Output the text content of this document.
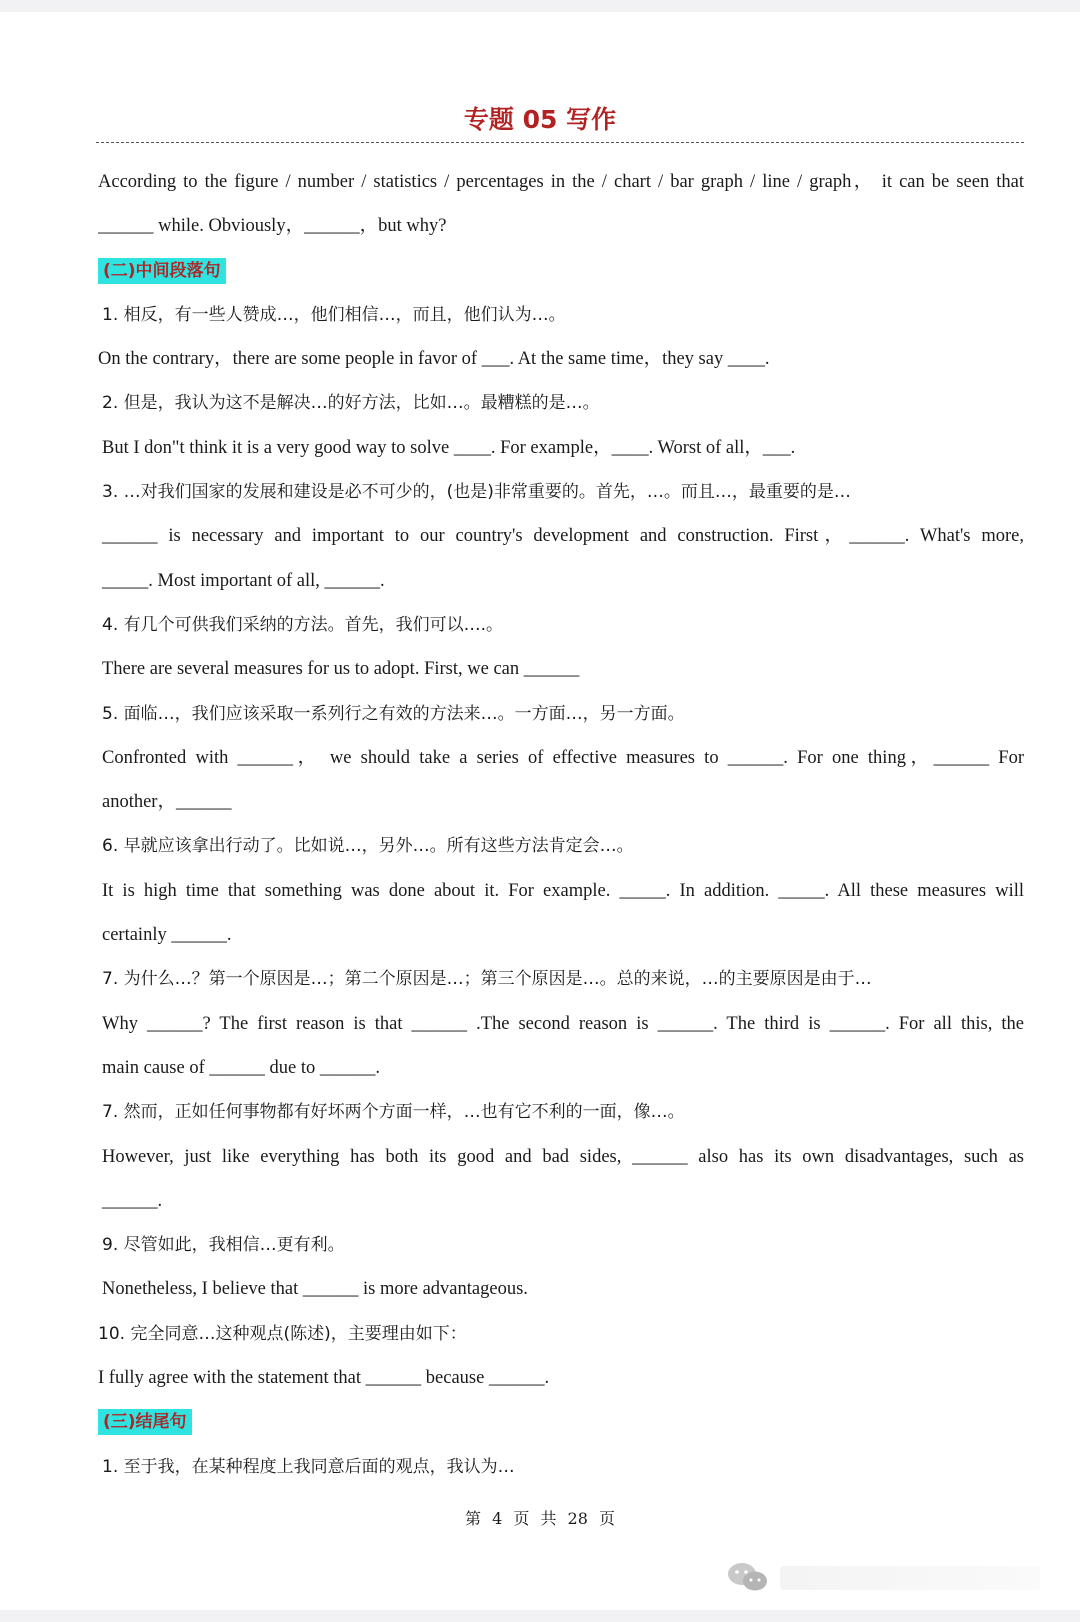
专题 05 写作
According to the figure / number / statistics / percentages in the / chart / bar graph / line / graph， it can be seen that
______ while. Obviously，______，but why?
(二)中间段落句
1. 相反，有一些人赞成…，他们相信…，而且，他们认为…。
On the contrary，there are some people in favor of ___. At the same time，they say ____.
2. 但是，我认为这不是解决…的好方法，比如…。最糟糕的是…。
But I don"t think it is a very good way to solve ____. For example，____. Worst of all，___.
3. …对我们国家的发展和建设是必不可少的，(也是)非常重要的。首先，…。而且…，最重要的是…
______ is necessary and important to our country's development and construction. First，______. What's more,
_____. Most important of all, ______.
4. 有几个可供我们采纳的方法。首先，我们可以….。
There are several measures for us to adopt. First, we can ______
5. 面临…，我们应该采取一系列行之有效的方法来…。一方面…，另一方面。
Confronted with ______， we should take a series of effective measures to ______. For one thing，______ For
another，______
6. 早就应该拿出行动了。比如说…，另外…。所有这些方法肯定会…。
It is high time that something was done about it. For example. _____. In addition. _____. All these measures will
certainly ______.
7. 为什么…？第一个原因是…；第二个原因是…；第三个原因是…。总的来说，…的主要原因是由于…
Why ______? The first reason is that ______ .The second reason is ______. The third is ______. For all this, the
main cause of ______ due to ______.
7. 然而，正如任何事物都有好坏两个方面一样，…也有它不利的一面，像…。
However, just like everything has both its good and bad sides, ______ also has its own disadvantages, such as
______.
9. 尽管如此，我相信…更有利。
Nonetheless, I believe that ______ is more advantageous.
10. 完全同意…这种观点(陈述)，主要理由如下：
I fully agree with the statement that ______ because ______.
(三)结尾句
1. 至于我，在某种程度上我同意后面的观点，我认为…
第 4 页 共 28 页
